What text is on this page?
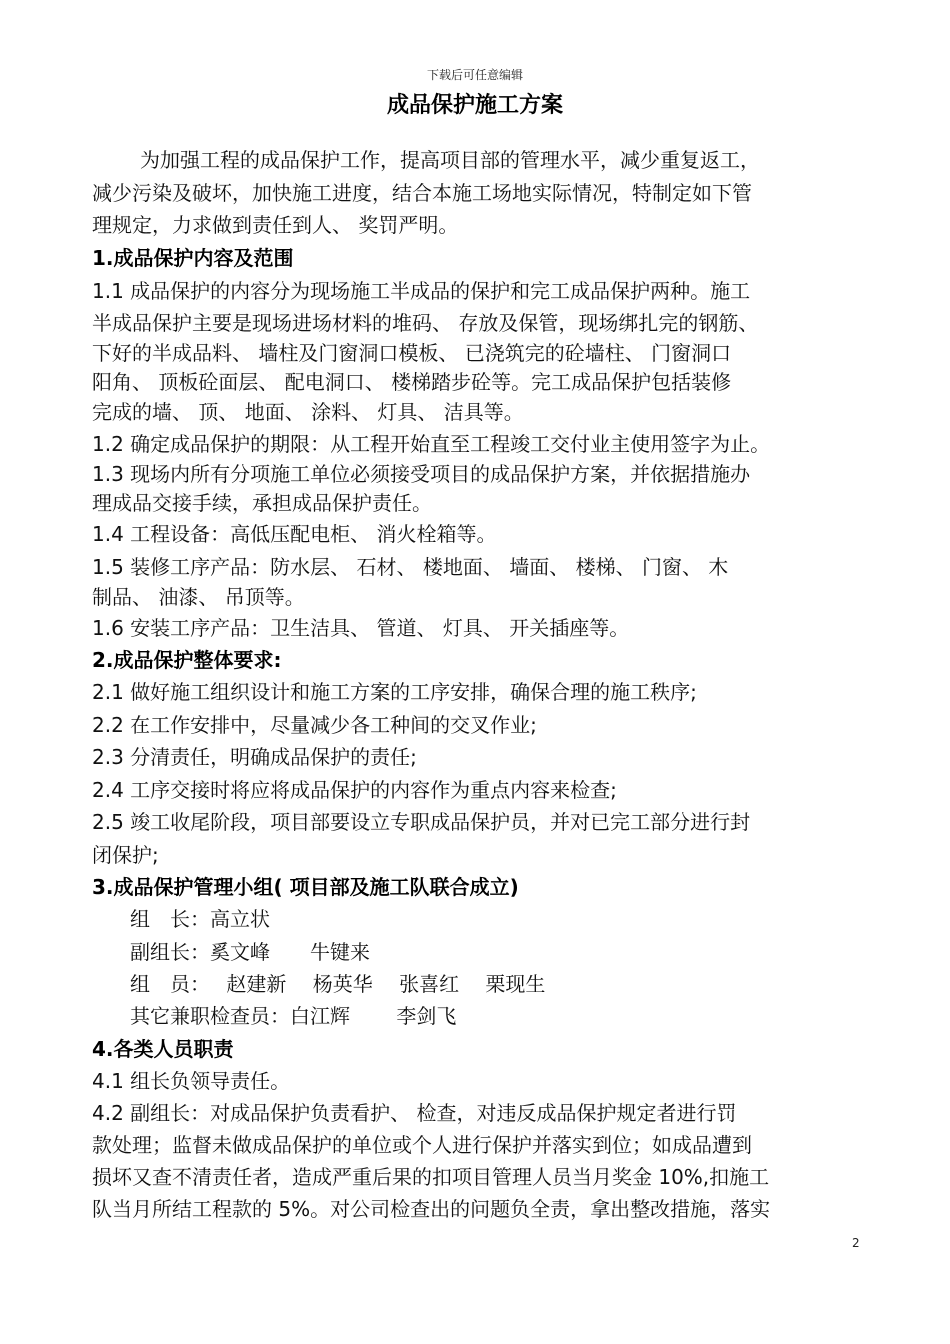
下载后可任意编辑
成品保护施工方案
为加强工程的成品保护工作，提高项目部的管理水平，减少重复返工，
减少污染及破坏，加快施工进度，结合本施工场地实际情况，特制定如下管
理规定，力求做到责任到人、 奖罚严明。
1.成品保护内容及范围
1.1 成品保护的内容分为现场施工半成品的保护和完工成品保护两种。施工
半成品保护主要是现场进场材料的堆码、 存放及保管，现场绑扎完的钢筋、
下好的半成品料、 墙柱及门窗洞口模板、 已浇筑完的砼墙柱、 门窗洞口
阳角、 顶板砼面层、 配电洞口、 楼梯踏步砼等。完工成品保护包括装修
完成的墙、 顶、 地面、 涂料、 灯具、 洁具等。
1.2 确定成品保护的期限：从工程开始直至工程竣工交付业主使用签字为止。
1.3 现场内所有分项施工单位必须接受项目的成品保护方案，并依据措施办
理成品交接手续，承担成品保护责任。
1.4 工程设备：高低压配电柜、 消火栓箱等。
1.5 装修工序产品：防水层、 石材、 楼地面、 墙面、 楼梯、 门窗、 木
制品、 油漆、 吊顶等。
1.6 安装工序产品：卫生洁具、 管道、 灯具、 开关插座等。
2.成品保护整体要求:
2.1 做好施工组织设计和施工方案的工序安排，确保合理的施工秩序;
2.2 在工作安排中，尽量减少各工种间的交叉作业;
2.3 分清责任，明确成品保护的责任;
2.4 工序交接时将应将成品保护的内容作为重点内容来检查;
2.5 竣工收尾阶段，项目部要设立专职成品保护员，并对已完工部分进行封
闭保护;
3.成品保护管理小组( 项目部及施工队联合成立)
组　长：高立状
副组长：奚文峰　　牛键来
组　员：　 赵建新　 杨英华　 张喜红　 栗现生
其它兼职检查员：白江辉　　 李剑飞
4.各类人员职责
4.1 组长负领导责任。
4.2 副组长：对成品保护负责看护、 检查，对违反成品保护规定者进行罚
款处理；监督未做成品保护的单位或个人进行保护并落实到位；如成品遭到
损坏又查不清责任者，造成严重后果的扣项目管理人员当月奖金 10%,扣施工
队当月所结工程款的 5%。对公司检查出的问题负全责，拿出整改措施，落实
2
